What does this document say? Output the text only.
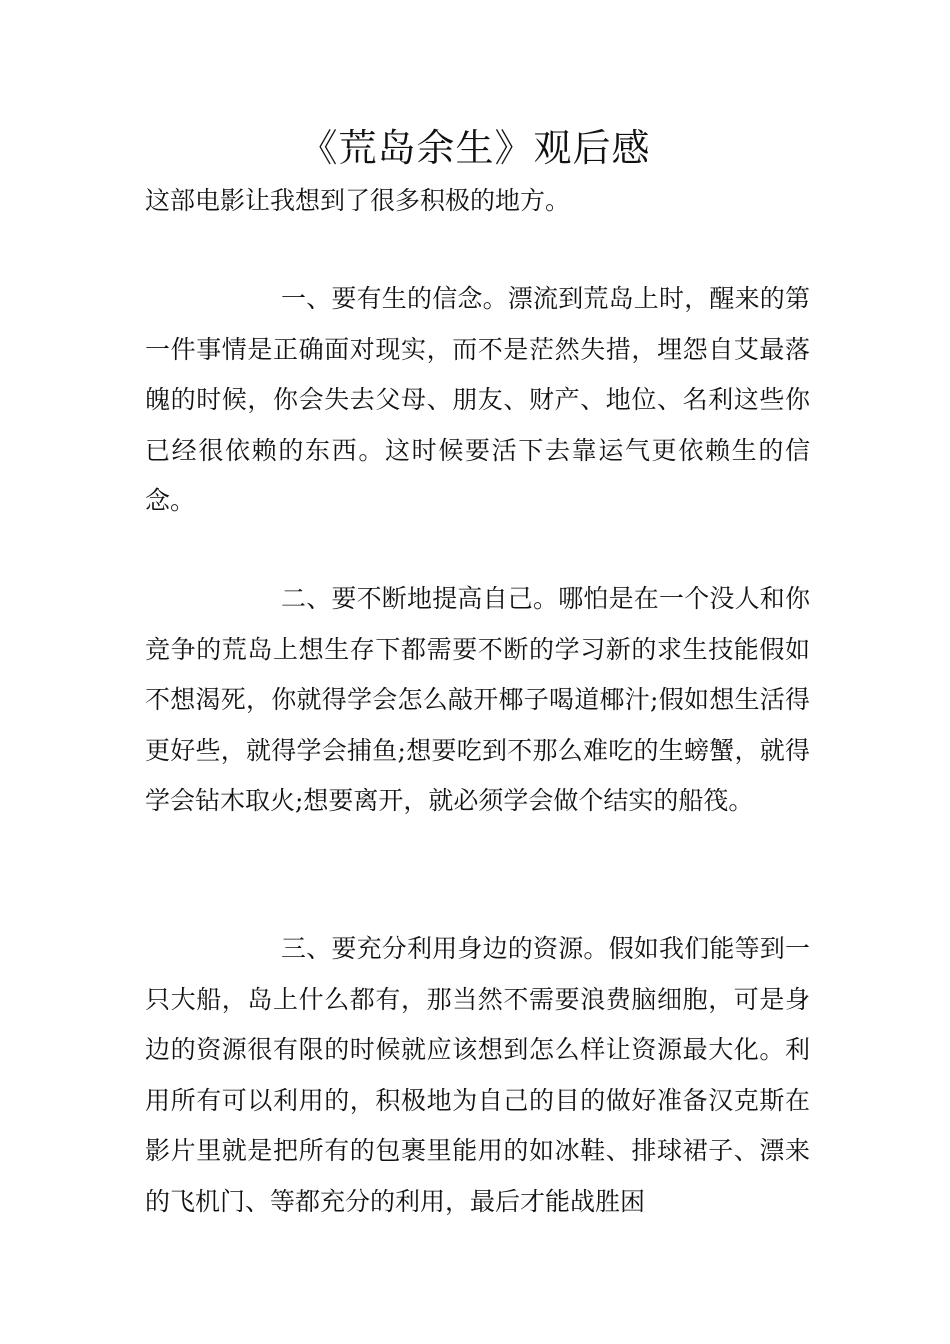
《荒岛余生》观后感

这部电影让我想到了很多积极的地方。

一、要有生的信念。漂流到荒岛上时，醒来的第一件事情是正确面对现实，而不是茫然失措，埋怨自艾最落魄的时候，你会失去父母、朋友、财产、地位、名利这些你已经很依赖的东西。这时候要活下去靠运气更依赖生的信念。

二、要不断地提高自己。哪怕是在一个没人和你竞争的荒岛上想生存下都需要不断的学习新的求生技能假如不想渴死，你就得学会怎么敲开椰子喝道椰汁;假如想生活得更好些，就得学会捕鱼;想要吃到不那么难吃的生螃蟹，就得学会钻木取火;想要离开，就必须学会做个结实的船筏。

三、要充分利用身边的资源。假如我们能等到一只大船，岛上什么都有，那当然不需要浪费脑细胞，可是身边的资源很有限的时候就应该想到怎么样让资源最大化。利用所有可以利用的，积极地为自己的目的做好准备汉克斯在影片里就是把所有的包裹里能用的如冰鞋、排球裙子、漂来的飞机门、等都充分的利用，最后才能战胜困
